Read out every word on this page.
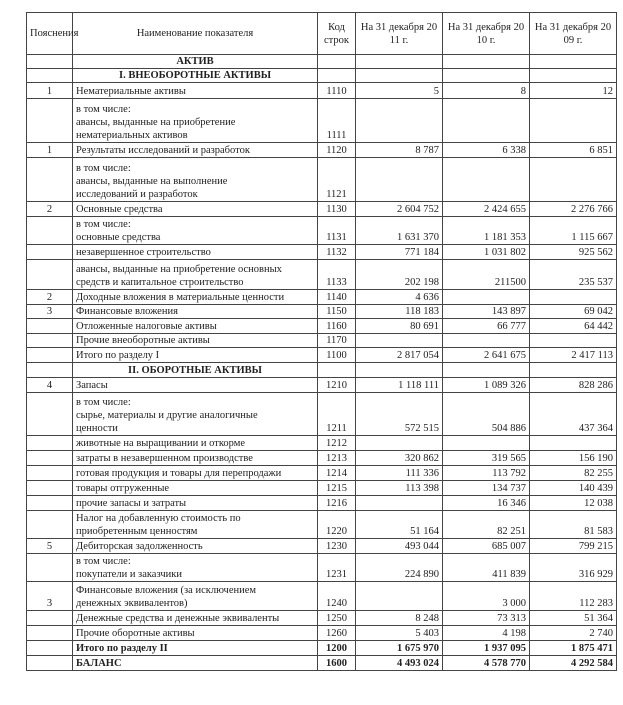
Пояснения	Наименование показателя	Код строк	На 31 декабря 20 11 г.	На 31 декабря 20 10 г.	На 31 декабря 20 09 г.
	АКТИВ				
	I. ВНЕОБОРОТНЫЕ АКТИВЫ				
1	Нематериальные активы	1110	5	8	12
	в том числе:
авансы, выданные на приобретение
нематериальных активов	1111			
1	Результаты исследований и разработок	1120	8 787	6 338	6 851
	в том числе:
авансы, выданные на выполнение
исследований и разработок	1121			
2	Основные средства	1130	2 604 752	2 424 655	2 276 766
	в том числе:
основные средства	1131	1 631 370	1 181 353	1 115 667
	незавершенное строительство	1132	771 184	1 031 802	925 562
	авансы, выданные на приобретение основных
средств и капитальное строительство	1133	202 198	211500	235 537
2	Доходные вложения в материальные ценности	1140	4 636		
3	Финансовые вложения	1150	118 183	143 897	69 042
	Отложенные налоговые активы	1160	80 691	66 777	64 442
	Прочие внеоборотные активы	1170			
	Итого по разделу I	1100	2 817 054	2 641 675	2 417 113
	II. ОБОРОТНЫЕ АКТИВЫ				
4	Запасы	1210	1 118 111	1 089 326	828 286
	в том числе:
сырье, материалы и другие аналогичные
ценности	1211	572 515	504 886	437 364
	животные на выращивании и откорме	1212			
	затраты в незавершенном производстве	1213	320 862	319 565	156 190
	готовая продукция и товары для перепродажи	1214	111 336	113 792	82 255
	товары отгруженные	1215	113 398	134 737	140 439
	прочие запасы и затраты	1216		16 346	12 038
	Налог на добавленную стоимость по
приобретенным ценностям	1220	51 164	82 251	81 583
5	Дебиторская задолженность	1230	493 044	685 007	799 215
	в том числе:
покупатели и заказчики	1231	224 890	411 839	316 929
3	Финансовые вложения (за исключением
денежных эквивалентов)	1240		3 000	112 283
	Денежные средства и денежные эквиваленты	1250	8 248	73 313	51 364
	Прочие оборотные активы	1260	5 403	4 198	2 740
	Итого по разделу II	1200	1 675 970	1 937 095	1 875 471
	БАЛАНС	1600	4 493 024	4 578 770	4 292 584
